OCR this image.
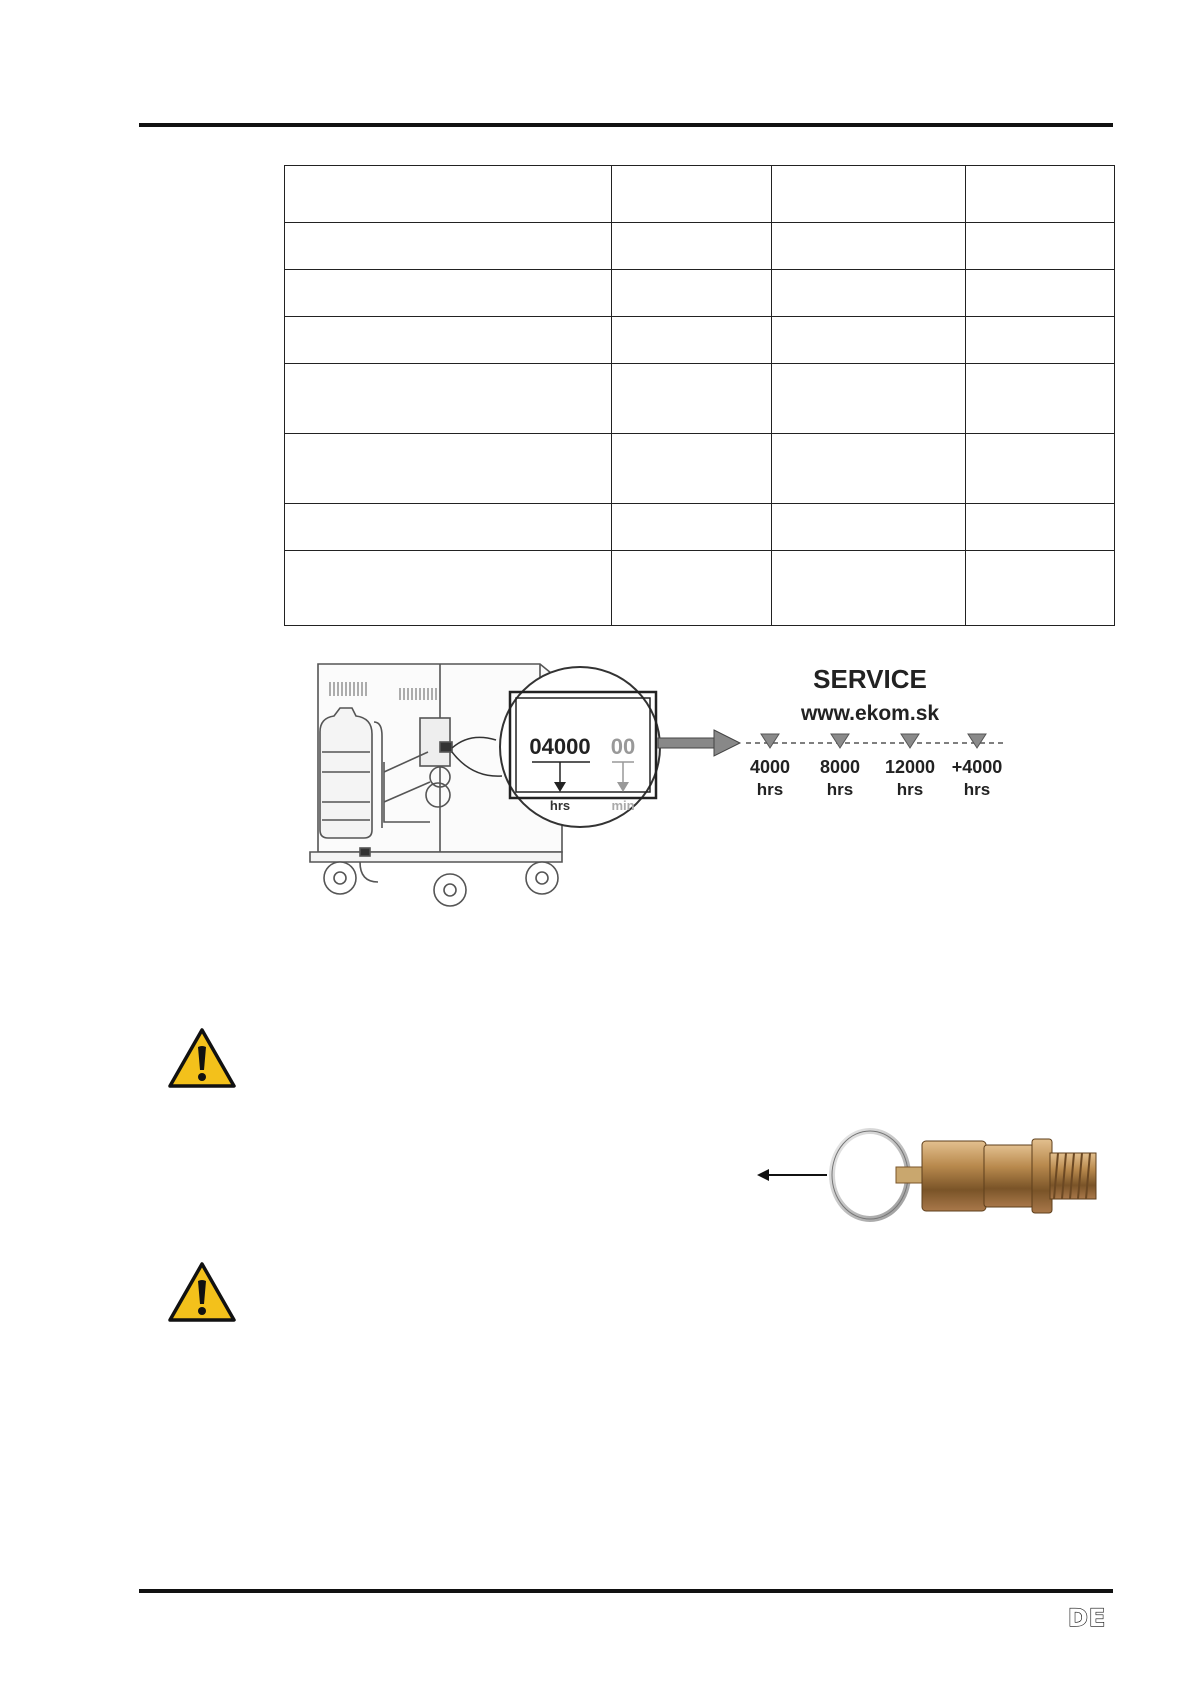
04000 00
hrs	min
SERVICE
www.ekom.sk
4000
hrs
8000
hrs
12000
hrs
+4000
hrs
DE
